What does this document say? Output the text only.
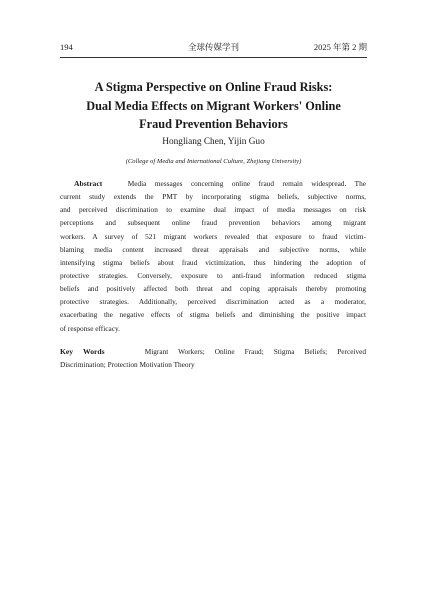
194	全球传媒学刊	2025 年第 2 期
A Stigma Perspective on Online Fraud Risks:
Dual Media Effects on Migrant Workers' Online
Fraud Prevention Behaviors
Hongliang Chen, Yijin Guo
(College of Media and International Culture, Zhejiang University)
Abstract	Media messages concerning online fraud remain widespread. The
current study extends the PMT by incorporating stigma beliefs, subjective norms,
and perceived discrimination to examine dual impact of media messages on risk
perceptions and subsequent online fraud prevention behaviors among migrant
workers. A survey of 521 migrant workers revealed that exposure to fraud victim-
blaming media content increased threat appraisals and subjective norms, while
intensifying stigma beliefs about fraud victimization, thus hindering the adoption of
protective strategies. Conversely, exposure to anti-fraud information reduced stigma
beliefs and positively affected both threat and coping appraisals thereby promoting
protective strategies. Additionally, perceived discrimination acted as a moderator,
exacerbating the negative effects of stigma beliefs and diminishing the positive impact
of response efficacy.
Key Words	Migrant Workers; Online Fraud; Stigma Beliefs; Perceived
Discrimination; Protection Motivation Theory
